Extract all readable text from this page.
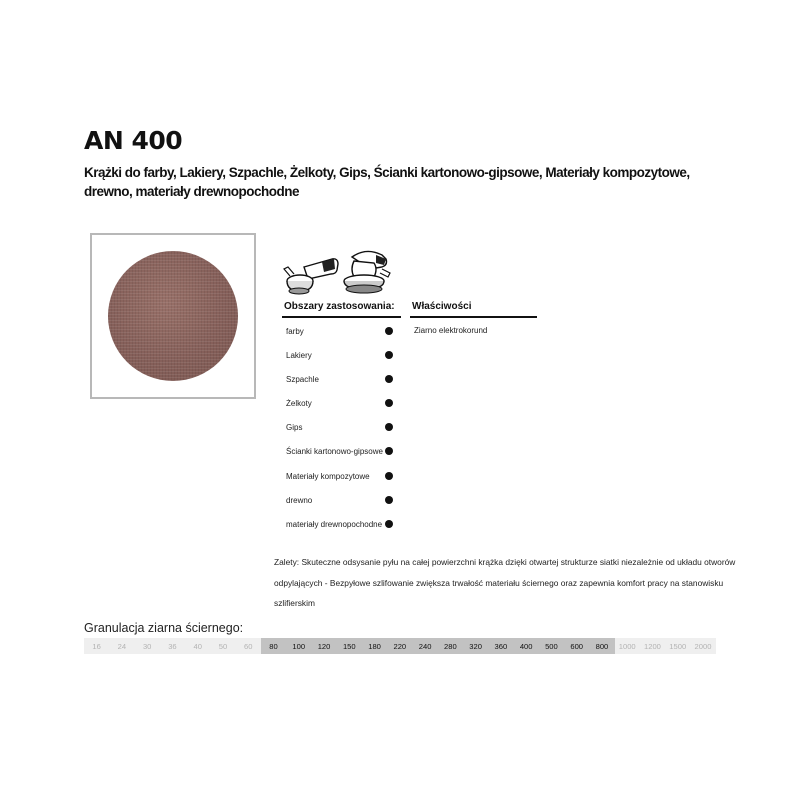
AN 400
Krążki do farby, Lakiery, Szpachle, Żelkoty, Gips, Ścianki kartonowo-gipsowe, Materiały kompozytowe, drewno, materiały drewnopochodne
Obszary zastosowania: Właściwości
farby
Lakiery
Szpachle
Żelkoty
Gips
Ścianki kartonowo-gipsowe
Materiały kompozytowe
drewno
materiały drewnopochodne
Ziarno elektrokorund
Zalety: Skuteczne odsysanie pyłu na całej powierzchni krążka dzięki otwartej strukturze siatki niezależnie od układu otworów odpylających - Bezpyłowe szlifowanie zwiększa trwałość materiału ściernego oraz zapewnia komfort pracy na stanowisku szlifierskim
Granulacja ziarna ściernego:
16	24	30	36	40	50	60	80	100	120	150	180	220	240	280	320	360	400	500	600	800	1000	1200	1500	2000
